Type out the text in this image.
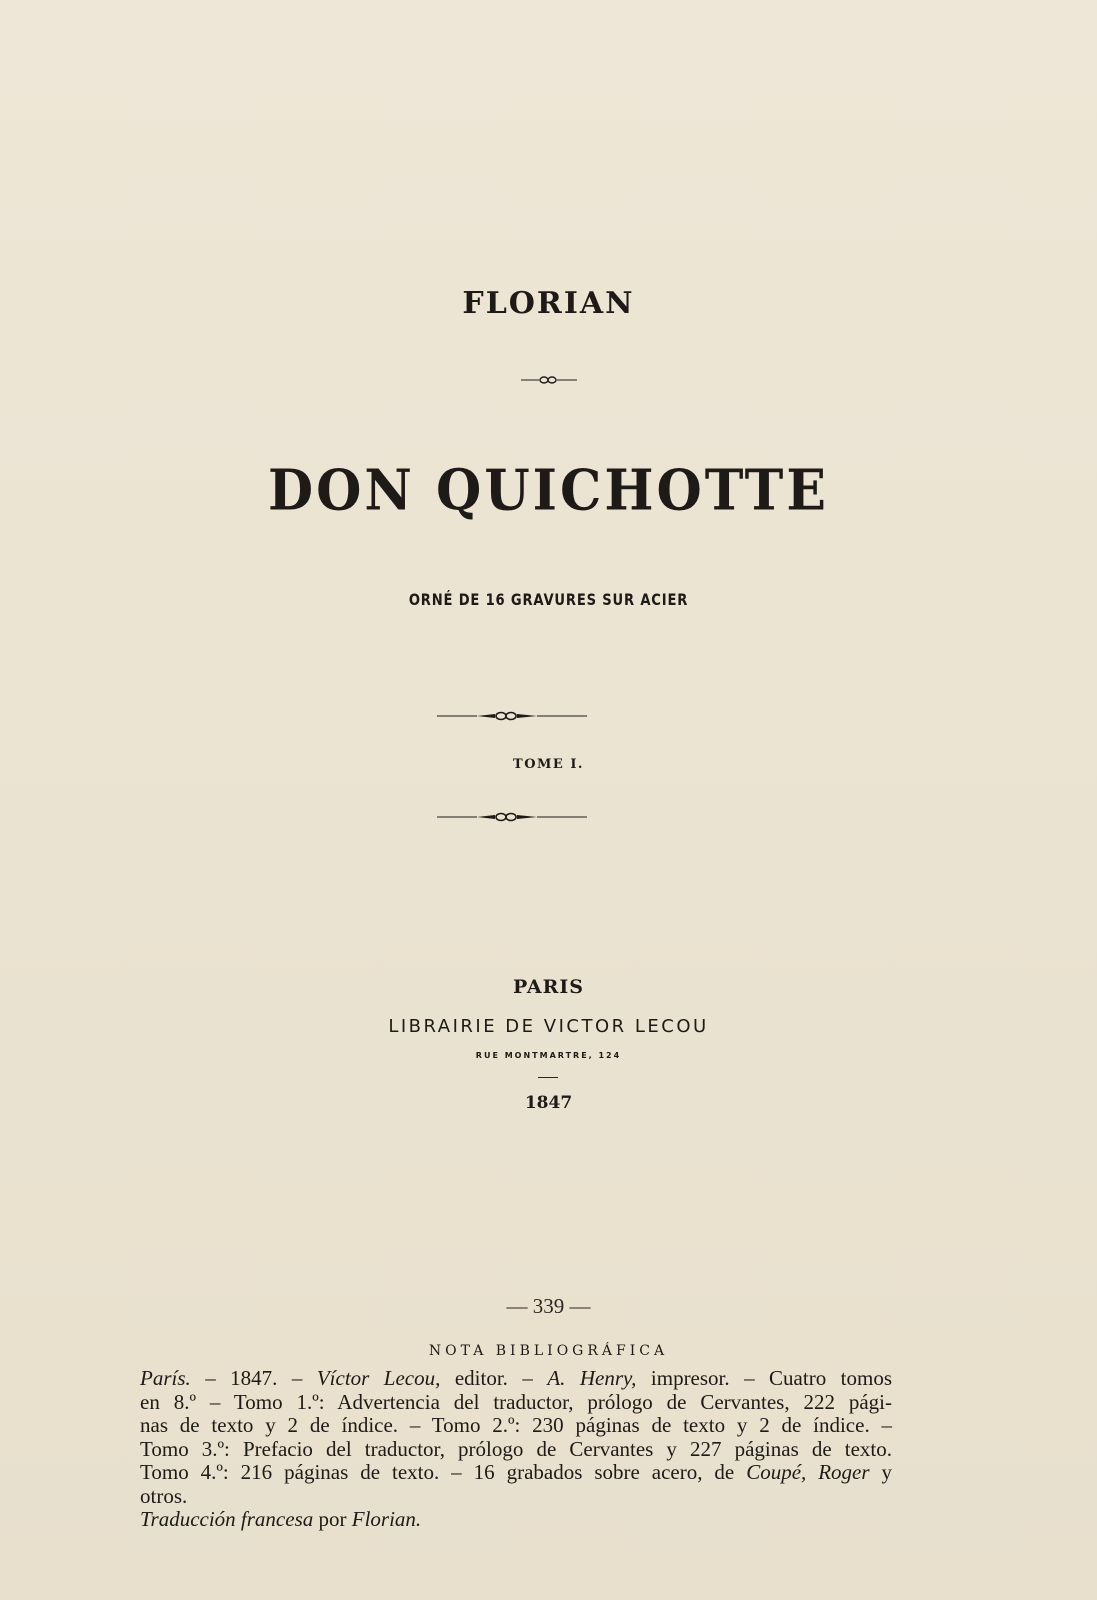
FLORIAN
DON QUICHOTTE
ORNÉ DE 16 GRAVURES SUR ACIER
TOME I.
PARIS
LIBRAIRIE DE VICTOR LECOU
RUE MONTMARTRE, 124
1847
— 339 —
NOTA BIBLIOGRÁFICA
París. – 1847. – Víctor Lecou, editor. – A. Henry, impresor. – Cuatro tomos
en 8.º – Tomo 1.º: Advertencia del traductor, prólogo de Cervantes, 222 pági-
nas de texto y 2 de índice. – Tomo 2.º: 230 páginas de texto y 2 de índice. –
Tomo 3.º: Prefacio del traductor, prólogo de Cervantes y 227 páginas de texto.
Tomo 4.º: 216 páginas de texto. – 16 grabados sobre acero, de Coupé, Roger y
otros.
Traducción francesa por Florian.
